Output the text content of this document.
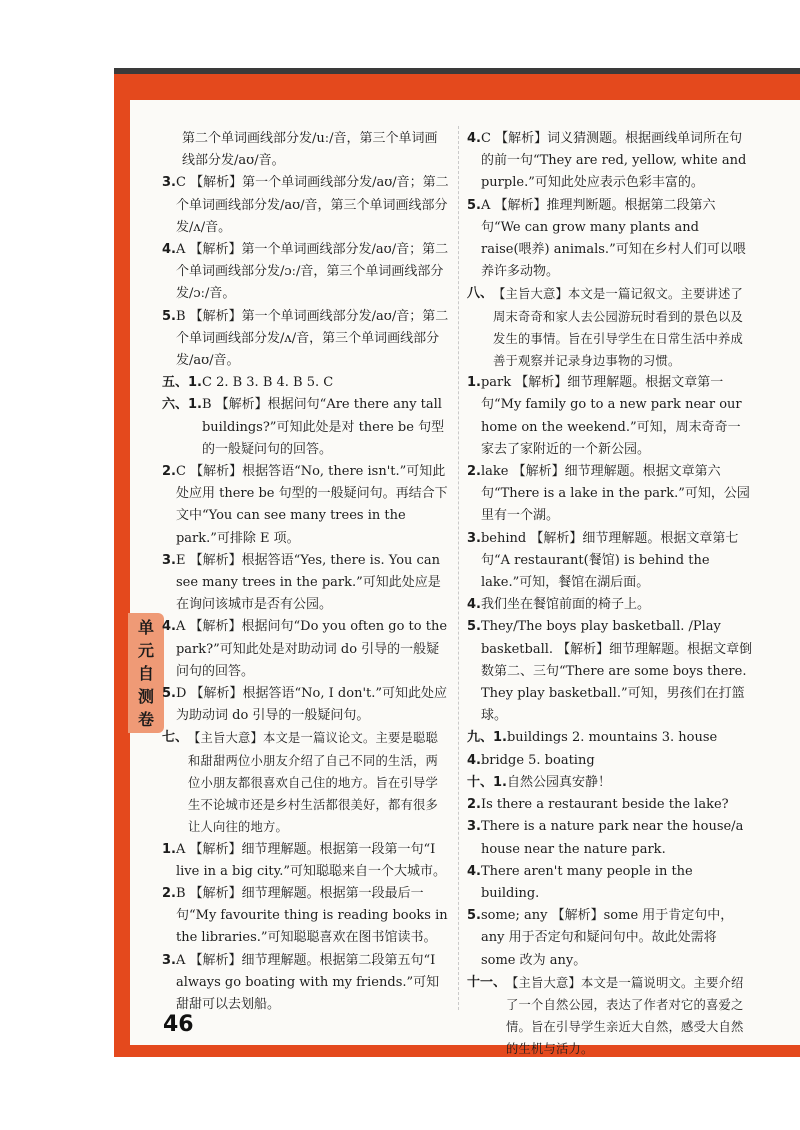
单
元
自
测
卷
第二个单词画线部分发/uː/音，第三个单词画线部分发/aʊ/音。
3. C 【解析】第一个单词画线部分发/aʊ/音；第二个单词画线部分发/aʊ/音，第三个单词画线部分发/ʌ/音。
4. A 【解析】第一个单词画线部分发/aʊ/音；第二个单词画线部分发/ɔː/音，第三个单词画线部分发/ɔː/音。
5. B 【解析】第一个单词画线部分发/aʊ/音；第二个单词画线部分发/ʌ/音，第三个单词画线部分发/aʊ/音。
五、1. C 2. B 3. B 4. B 5. C
六、1. B 【解析】根据问句“Are there any tall buildings?”可知此处是对 there be 句型的一般疑问句的回答。
2. C 【解析】根据答语“No, there isn't.”可知此处应用 there be 句型的一般疑问句。再结合下文中“You can see many trees in the park.”可排除 E 项。
3. E 【解析】根据答语“Yes, there is. You can see many trees in the park.”可知此处应是在询问该城市是否有公园。
4. A 【解析】根据问句“Do you often go to the park?”可知此处是对助动词 do 引导的一般疑问句的回答。
5. D 【解析】根据答语“No, I don't.”可知此处应为助动词 do 引导的一般疑问句。
七、 【主旨大意】本文是一篇议论文。主要是聪聪和甜甜两位小朋友介绍了自己不同的生活，两位小朋友都很喜欢自己住的地方。旨在引导学生不论城市还是乡村生活都很美好，都有很多让人向往的地方。
1. A 【解析】细节理解题。根据第一段第一句“I live in a big city.”可知聪聪来自一个大城市。
2. B 【解析】细节理解题。根据第一段最后一句“My favourite thing is reading books in the libraries.”可知聪聪喜欢在图书馆读书。
3. A 【解析】细节理解题。根据第二段第五句“I always go boating with my friends.”可知甜甜可以去划船。
4. C 【解析】词义猜测题。根据画线单词所在句的前一句“They are red, yellow, white and purple.”可知此处应表示色彩丰富的。
5. A 【解析】推理判断题。根据第二段第六句“We can grow many plants and raise(喂养) animals.”可知在乡村人们可以喂养许多动物。
八、 【主旨大意】本文是一篇记叙文。主要讲述了周末奇奇和家人去公园游玩时看到的景色以及发生的事情。旨在引导学生在日常生活中养成善于观察并记录身边事物的习惯。
1. park 【解析】细节理解题。根据文章第一句“My family go to a new park near our home on the weekend.”可知，周末奇奇一家去了家附近的一个新公园。
2. lake 【解析】细节理解题。根据文章第六句“There is a lake in the park.”可知，公园里有一个湖。
3. behind 【解析】细节理解题。根据文章第七句“A restaurant(餐馆) is behind the lake.”可知，餐馆在湖后面。
4. 我们坐在餐馆前面的椅子上。
5. They/The boys play basketball. /Play basketball. 【解析】细节理解题。根据文章倒数第二、三句“There are some boys there. They play basketball.”可知，男孩们在打篮球。
九、1. buildings 2. mountains 3. house
4. bridge 5. boating
十、1. 自然公园真安静！
2. Is there a restaurant beside the lake?
3. There is a nature park near the house/a house near the nature park.
4. There aren't many people in the building.
5. some; any 【解析】some 用于肯定句中，any 用于否定句和疑问句中。故此处需将 some 改为 any。
十一、 【主旨大意】本文是一篇说明文。主要介绍了一个自然公园，表达了作者对它的喜爱之情。旨在引导学生亲近大自然，感受大自然的生机与活力。
46
